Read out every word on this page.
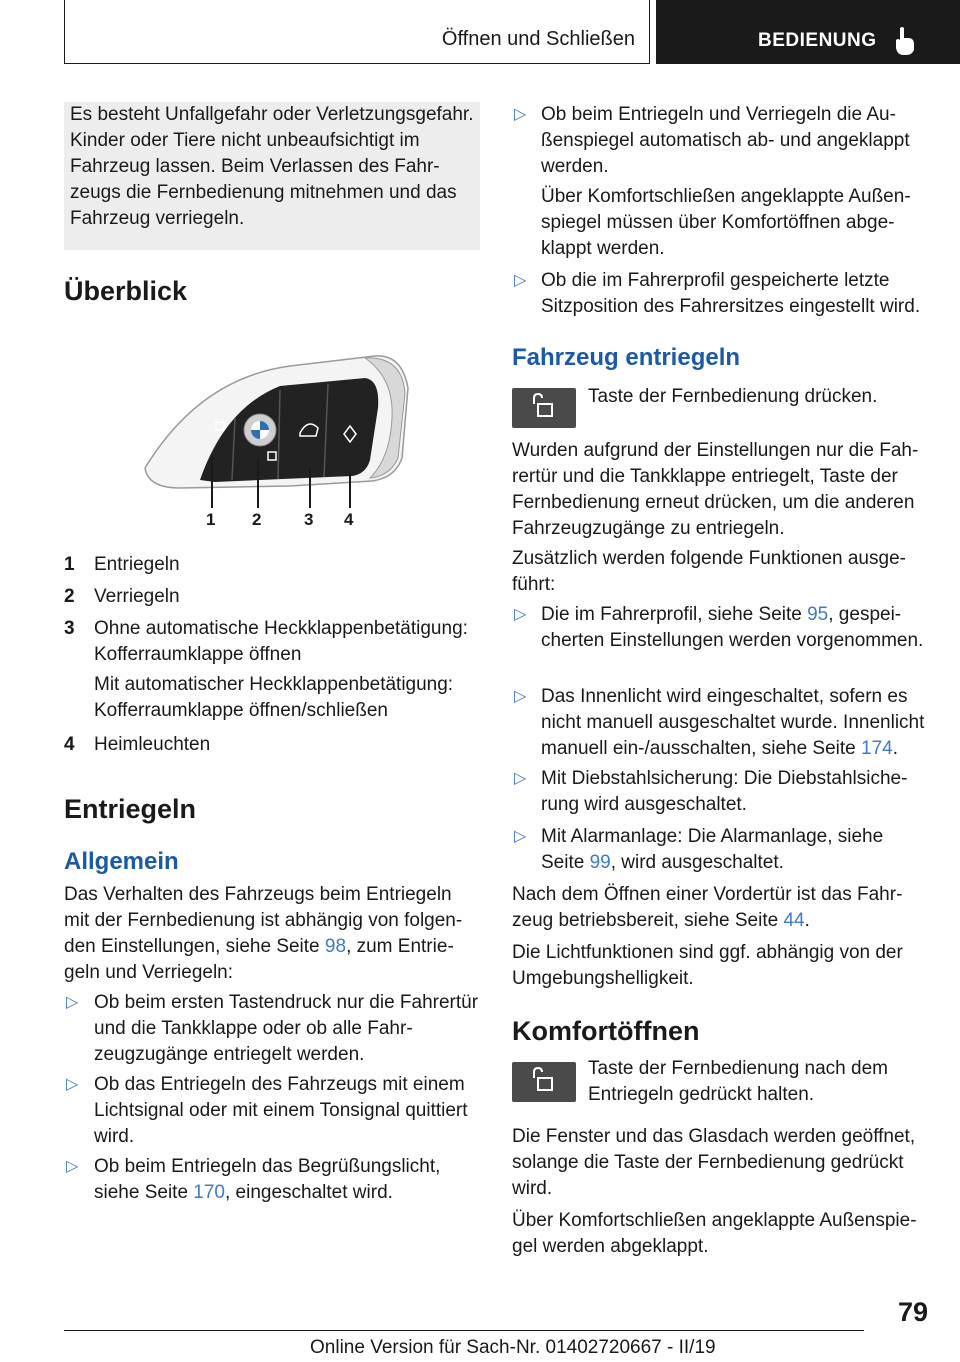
Öffnen und Schließen	BEDIENUNG

Es besteht Unfallgefahr oder Verletzungsgefahr. Kinder oder Tiere nicht unbeaufsichtigt im Fahrzeug lassen. Beim Verlassen des Fahrzeugs die Fernbedienung mitnehmen und das Fahrzeug verriegeln.

Überblick
1 2	3 4
1 Entriegeln
2 Verriegeln
3 Ohne automatische Heckklappenbetätigung: Kofferraumklappe öffnen
Mit automatischer Heckklappenbetätigung: Kofferraumklappe öffnen/schließen
4 Heimleuchten
Entriegeln
Allgemein

Das Verhalten des Fahrzeugs beim Entriegeln mit der Fernbedienung ist abhängig von folgenden Einstellungen, siehe Seite 98, zum Entriegeln und Verriegeln:

▷ Ob beim ersten Tastendruck nur die Fahrertür und die Tankklappe oder ob alle Fahrzeugzugänge entriegelt werden.

▷ Ob das Entriegeln des Fahrzeugs mit einem Lichtsignal oder mit einem Tonsignal quittiert wird.

▷ Ob beim Entriegeln das Begrüßungslicht, siehe Seite 170, eingeschaltet wird.

▷ Ob beim Entriegeln und Verriegeln die Außenspiegel automatisch ab- und angeklappt werden.

Über Komfortschließen angeklappte Außenspiegel müssen über Komfortöffnen abgeklappt werden.

▷ Ob die im Fahrerprofil gespeicherte letzte Sitzposition des Fahrersitzes eingestellt wird.

Fahrzeug entriegeln

Taste der Fernbedienung drücken.

Wurden aufgrund der Einstellungen nur die Fahrertür und die Tankklappe entriegelt, Taste der Fernbedienung erneut drücken, um die anderen Fahrzeugzugänge zu entriegeln.

Zusätzlich werden folgende Funktionen ausgeführt:

▷ Die im Fahrerprofil, siehe Seite 95, gespeicherten Einstellungen werden vorgenommen.

▷ Das Innenlicht wird eingeschaltet, sofern es nicht manuell ausgeschaltet wurde. Innenlicht manuell ein-/ausschalten, siehe Seite 174.

▷ Mit Diebstahlsicherung: Die Diebstahlsicherung wird ausgeschaltet.

▷ Mit Alarmanlage: Die Alarmanlage, siehe Seite 99, wird ausgeschaltet.

Nach dem Öffnen einer Vordertür ist das Fahrzeug betriebsbereit, siehe Seite 44.

Die Lichtfunktionen sind ggf. abhängig von der Umgebungshelligkeit.

Komfortöffnen

Taste der Fernbedienung nach dem Entriegeln gedrückt halten.

Die Fenster und das Glasdach werden geöffnet, solange die Taste der Fernbedienung gedrückt wird.

Über Komfortschließen angeklappte Außenspiegel werden abgeklappt.

79
Online Version für Sach-Nr. 01402720667 - II/19
